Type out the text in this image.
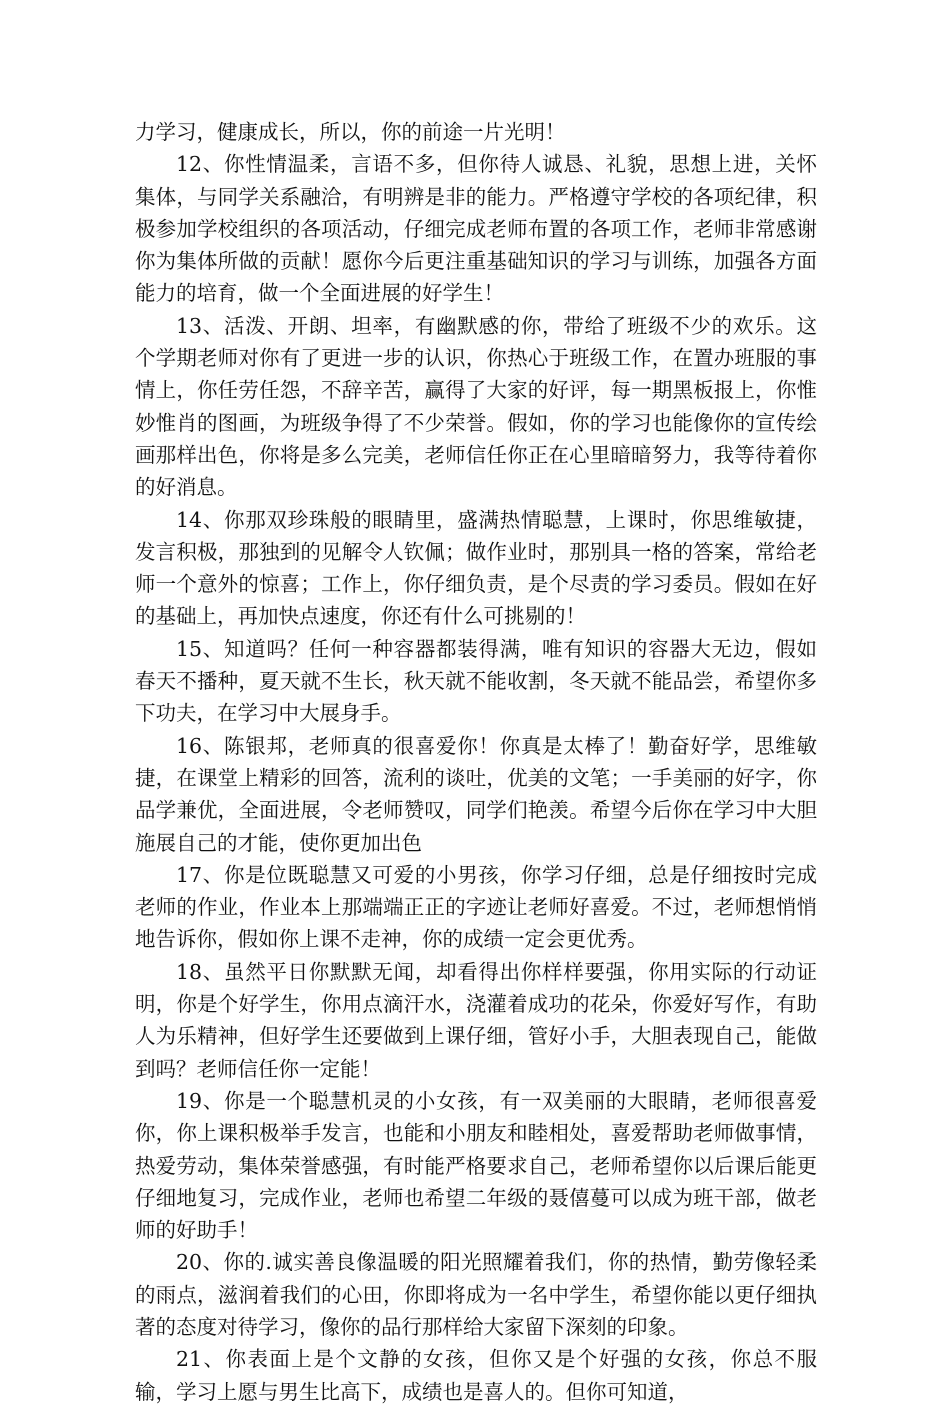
力学习，健康成长，所以，你的前途一片光明！

12、你性情温柔，言语不多，但你待人诚恳、礼貌，思想上进，关怀集体，与同学关系融洽，有明辨是非的能力。严格遵守学校的各项纪律，积极参加学校组织的各项活动，仔细完成老师布置的各项工作，老师非常感谢你为集体所做的贡献！愿你今后更注重基础知识的学习与训练，加强各方面能力的培育，做一个全面进展的好学生！

13、活泼、开朗、坦率，有幽默感的你，带给了班级不少的欢乐。这个学期老师对你有了更进一步的认识，你热心于班级工作，在置办班服的事情上，你任劳任怨，不辞辛苦，赢得了大家的好评，每一期黑板报上，你惟妙惟肖的图画，为班级争得了不少荣誉。假如，你的学习也能像你的宣传绘画那样出色，你将是多么完美，老师信任你正在心里暗暗努力，我等待着你的好消息。

14、你那双珍珠般的眼睛里，盛满热情聪慧，上课时，你思维敏捷，发言积极，那独到的见解令人钦佩；做作业时，那别具一格的答案，常给老师一个意外的惊喜；工作上，你仔细负责，是个尽责的学习委员。假如在好的基础上，再加快点速度，你还有什么可挑剔的！

15、知道吗？任何一种容器都装得满，唯有知识的容器大无边，假如春天不播种，夏天就不生长，秋天就不能收割，冬天就不能品尝，希望你多下功夫，在学习中大展身手。

16、陈银邦，老师真的很喜爱你！你真是太棒了！勤奋好学，思维敏捷，在课堂上精彩的回答，流利的谈吐，优美的文笔；一手美丽的好字，你品学兼优，全面进展，令老师赞叹，同学们艳羡。希望今后你在学习中大胆施展自己的才能，使你更加出色

17、你是位既聪慧又可爱的小男孩，你学习仔细，总是仔细按时完成老师的作业，作业本上那端端正正的字迹让老师好喜爱。不过，老师想悄悄地告诉你，假如你上课不走神，你的成绩一定会更优秀。

18、虽然平日你默默无闻，却看得出你样样要强，你用实际的行动证明，你是个好学生，你用点滴汗水，浇灌着成功的花朵，你爱好写作，有助人为乐精神，但好学生还要做到上课仔细，管好小手，大胆表现自己，能做到吗？老师信任你一定能！

19、你是一个聪慧机灵的小女孩，有一双美丽的大眼睛，老师很喜爱你，你上课积极举手发言，也能和小朋友和睦相处，喜爱帮助老师做事情，热爱劳动，集体荣誉感强，有时能严格要求自己，老师希望你以后课后能更仔细地复习，完成作业，老师也希望二年级的聂僖蔓可以成为班干部，做老师的好助手！

20、你的.诚实善良像温暖的阳光照耀着我们，你的热情，勤劳像轻柔的雨点，滋润着我们的心田，你即将成为一名中学生，希望你能以更仔细执著的态度对待学习，像你的品行那样给大家留下深刻的印象。

21、你表面上是个文静的女孩，但你又是个好强的女孩，你总不服输，学习上愿与男生比高下，成绩也是喜人的。但你可知道，
